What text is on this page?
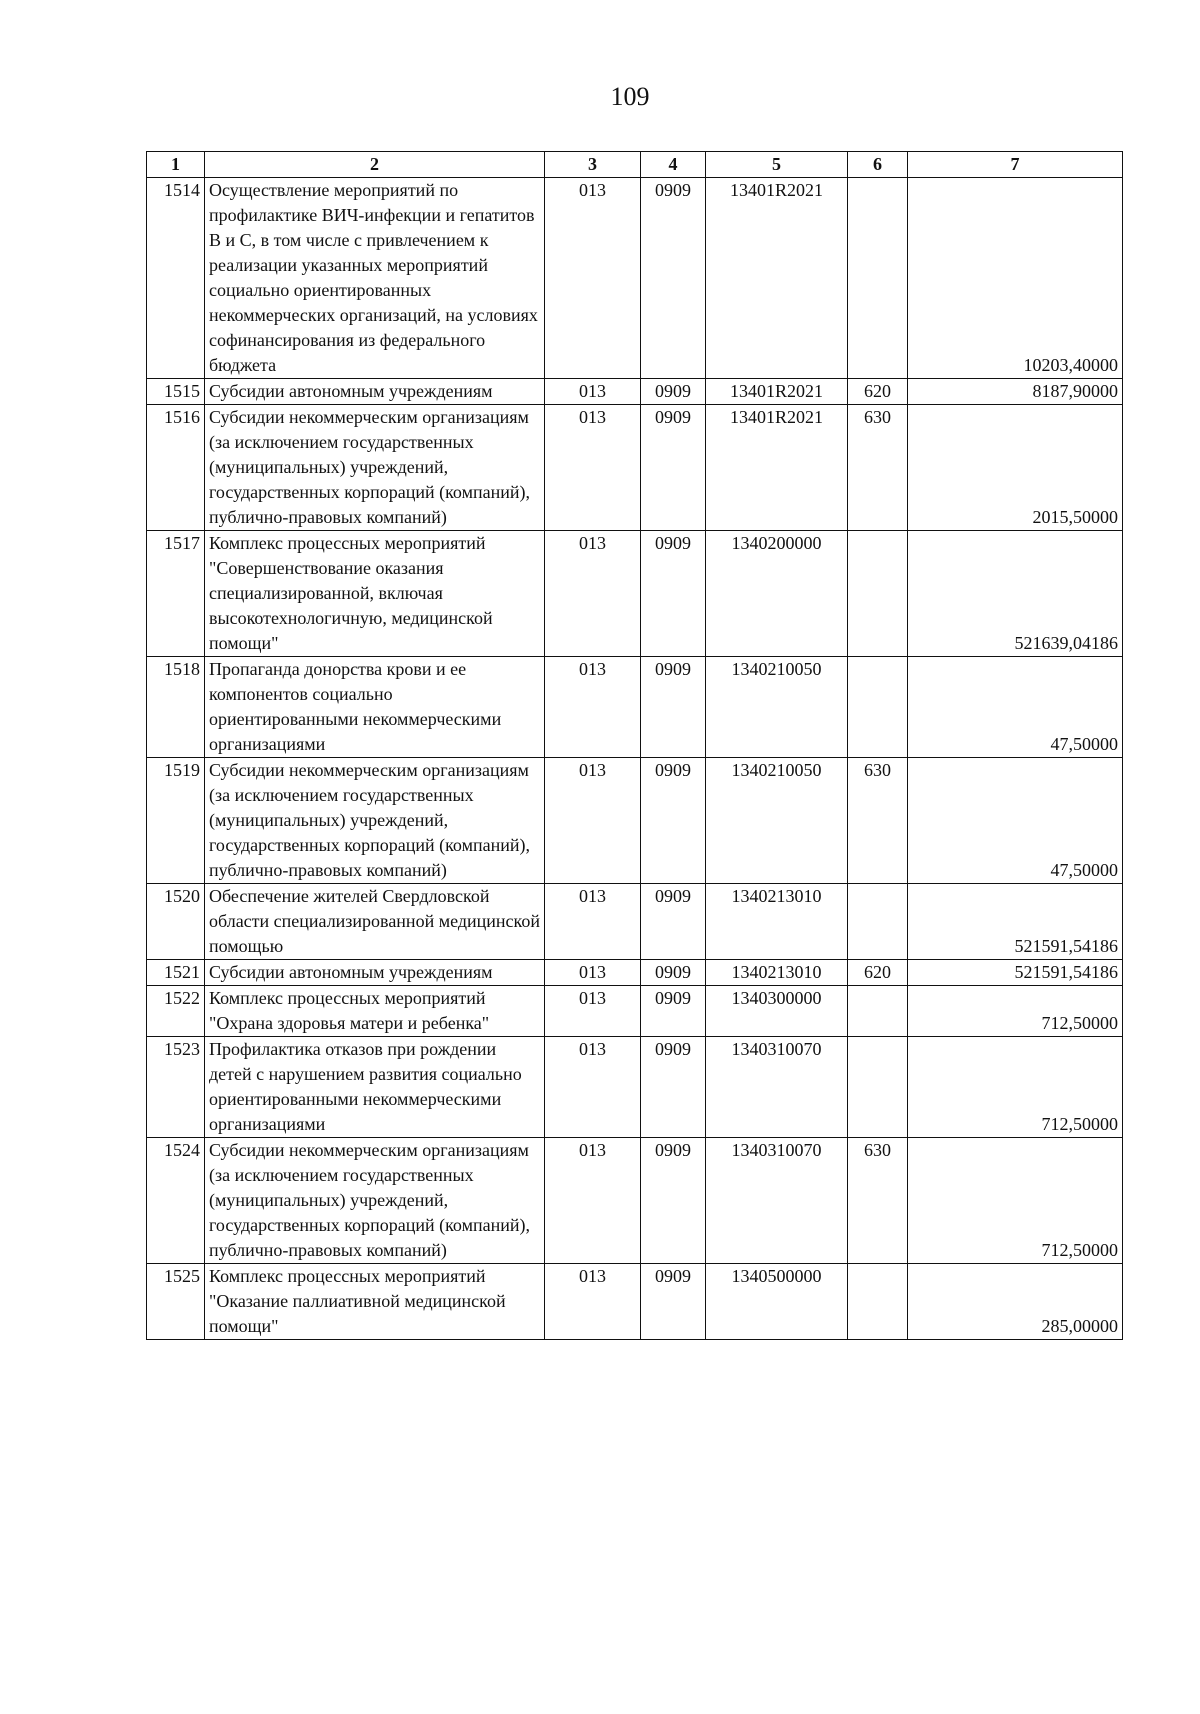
109
1	2	3	4	5	6	7
1514	Осуществление мероприятий по профилактике ВИЧ-инфекции и гепатитов B и C, в том числе с привлечением к реализации указанных мероприятий социально ориентированных некоммерческих организаций, на условиях софинансирования из федерального бюджета	013	0909	13401R2021		10203,40000
1515	Субсидии автономным учреждениям	013	0909	13401R2021	620	8187,90000
1516	Субсидии некоммерческим организациям (за исключением государственных (муниципальных) учреждений, государственных корпораций (компаний), публично-правовых компаний)	013	0909	13401R2021	630	2015,50000
1517	Комплекс процессных мероприятий "Совершенствование оказания специализированной, включая высокотехнологичную, медицинской помощи"	013	0909	1340200000		521639,04186
1518	Пропаганда донорства крови и ее компонентов социально ориентированными некоммерческими организациями	013	0909	1340210050		47,50000
1519	Субсидии некоммерческим организациям (за исключением государственных (муниципальных) учреждений, государственных корпораций (компаний), публично-правовых компаний)	013	0909	1340210050	630	47,50000
1520	Обеспечение жителей Свердловской области специализированной медицинской помощью	013	0909	1340213010		521591,54186
1521	Субсидии автономным учреждениям	013	0909	1340213010	620	521591,54186
1522	Комплекс процессных мероприятий "Охрана здоровья матери и ребенка"	013	0909	1340300000		712,50000
1523	Профилактика отказов при рождении детей с нарушением развития социально ориентированными некоммерческими организациями	013	0909	1340310070		712,50000
1524	Субсидии некоммерческим организациям (за исключением государственных (муниципальных) учреждений, государственных корпораций (компаний), публично-правовых компаний)	013	0909	1340310070	630	712,50000
1525	Комплекс процессных мероприятий "Оказание паллиативной медицинской помощи"	013	0909	1340500000		285,00000
